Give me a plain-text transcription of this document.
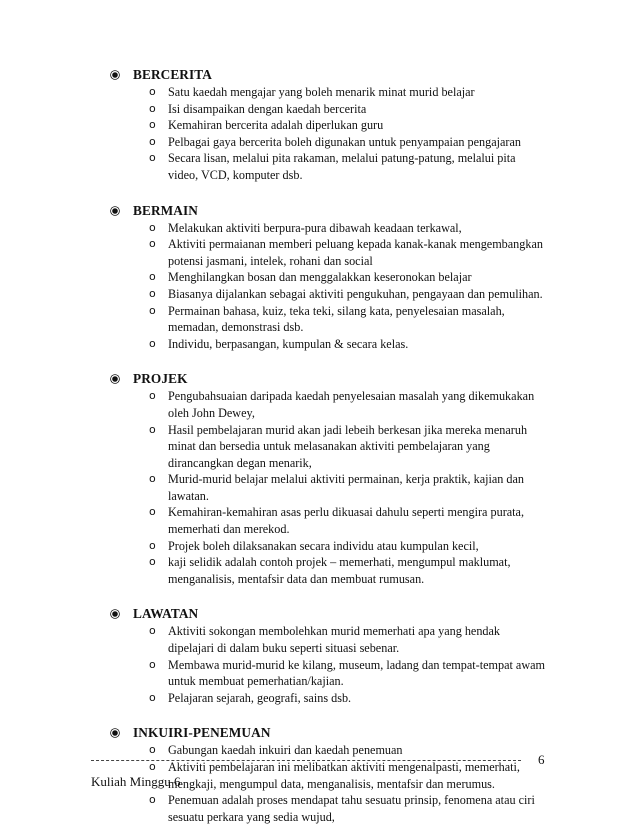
BERCERITA
o Satu kaedah mengajar yang boleh menarik minat murid belajar
o Isi disampaikan dengan kaedah bercerita
o Kemahiran bercerita adalah diperlukan guru
o Pelbagai gaya bercerita boleh digunakan untuk penyampaian pengajaran
o Secara lisan, melalui pita rakaman, melalui patung-patung, melalui pita video, VCD, komputer dsb.
BERMAIN
o Melakukan aktiviti berpura-pura dibawah keadaan terkawal,
o Aktiviti permaianan memberi peluang kepada kanak-kanak mengembangkan potensi jasmani, intelek, rohani dan social
o Menghilangkan bosan dan menggalakkan keseronokan belajar
o Biasanya dijalankan sebagai aktiviti pengukuhan, pengayaan dan pemulihan.
o Permainan bahasa, kuiz, teka teki, silang kata, penyelesaian masalah, memadan, demonstrasi dsb.
o Individu, berpasangan, kumpulan & secara kelas.
PROJEK
o Pengubahsuaian daripada kaedah penyelesaian masalah yang dikemukakan oleh John Dewey,
o Hasil pembelajaran murid akan jadi lebeih berkesan jika mereka menaruh minat dan bersedia untuk melasanakan aktiviti pembelajaran yang dirancangkan degan menarik,
o Murid-murid belajar melalui aktiviti permainan, kerja praktik, kajian dan lawatan.
o Kemahiran-kemahiran asas perlu dikuasai dahulu seperti mengira purata, memerhati dan merekod.
o Projek boleh dilaksanakan secara individu atau kumpulan kecil,
o kaji selidik adalah contoh projek – memerhati, mengumpul maklumat, menganalisis, mentafsir data dan membuat rumusan.
LAWATAN
o Aktiviti sokongan membolehkan murid memerhati apa yang hendak dipelajari di dalam buku seperti situasi sebenar.
o Membawa murid-murid ke kilang, museum, ladang dan tempat-tempat awam untuk membuat pemerhatian/kajian.
o Pelajaran sejarah, geografi, sains dsb.
INKUIRI-PENEMUAN
o Gabungan kaedah inkuiri dan kaedah penemuan
o Aktiviti pembelajaran ini melibatkan aktiviti mengenalpasti, memerhati, mengkaji, mengumpul data, menganalisis, mentafsir dan merumus.
o Penemuan adalah proses mendapat tahu sesuatu prinsip, fenomena atau ciri sesuatu perkara yang sedia wujud,
6
Kuliah Minggu 6
